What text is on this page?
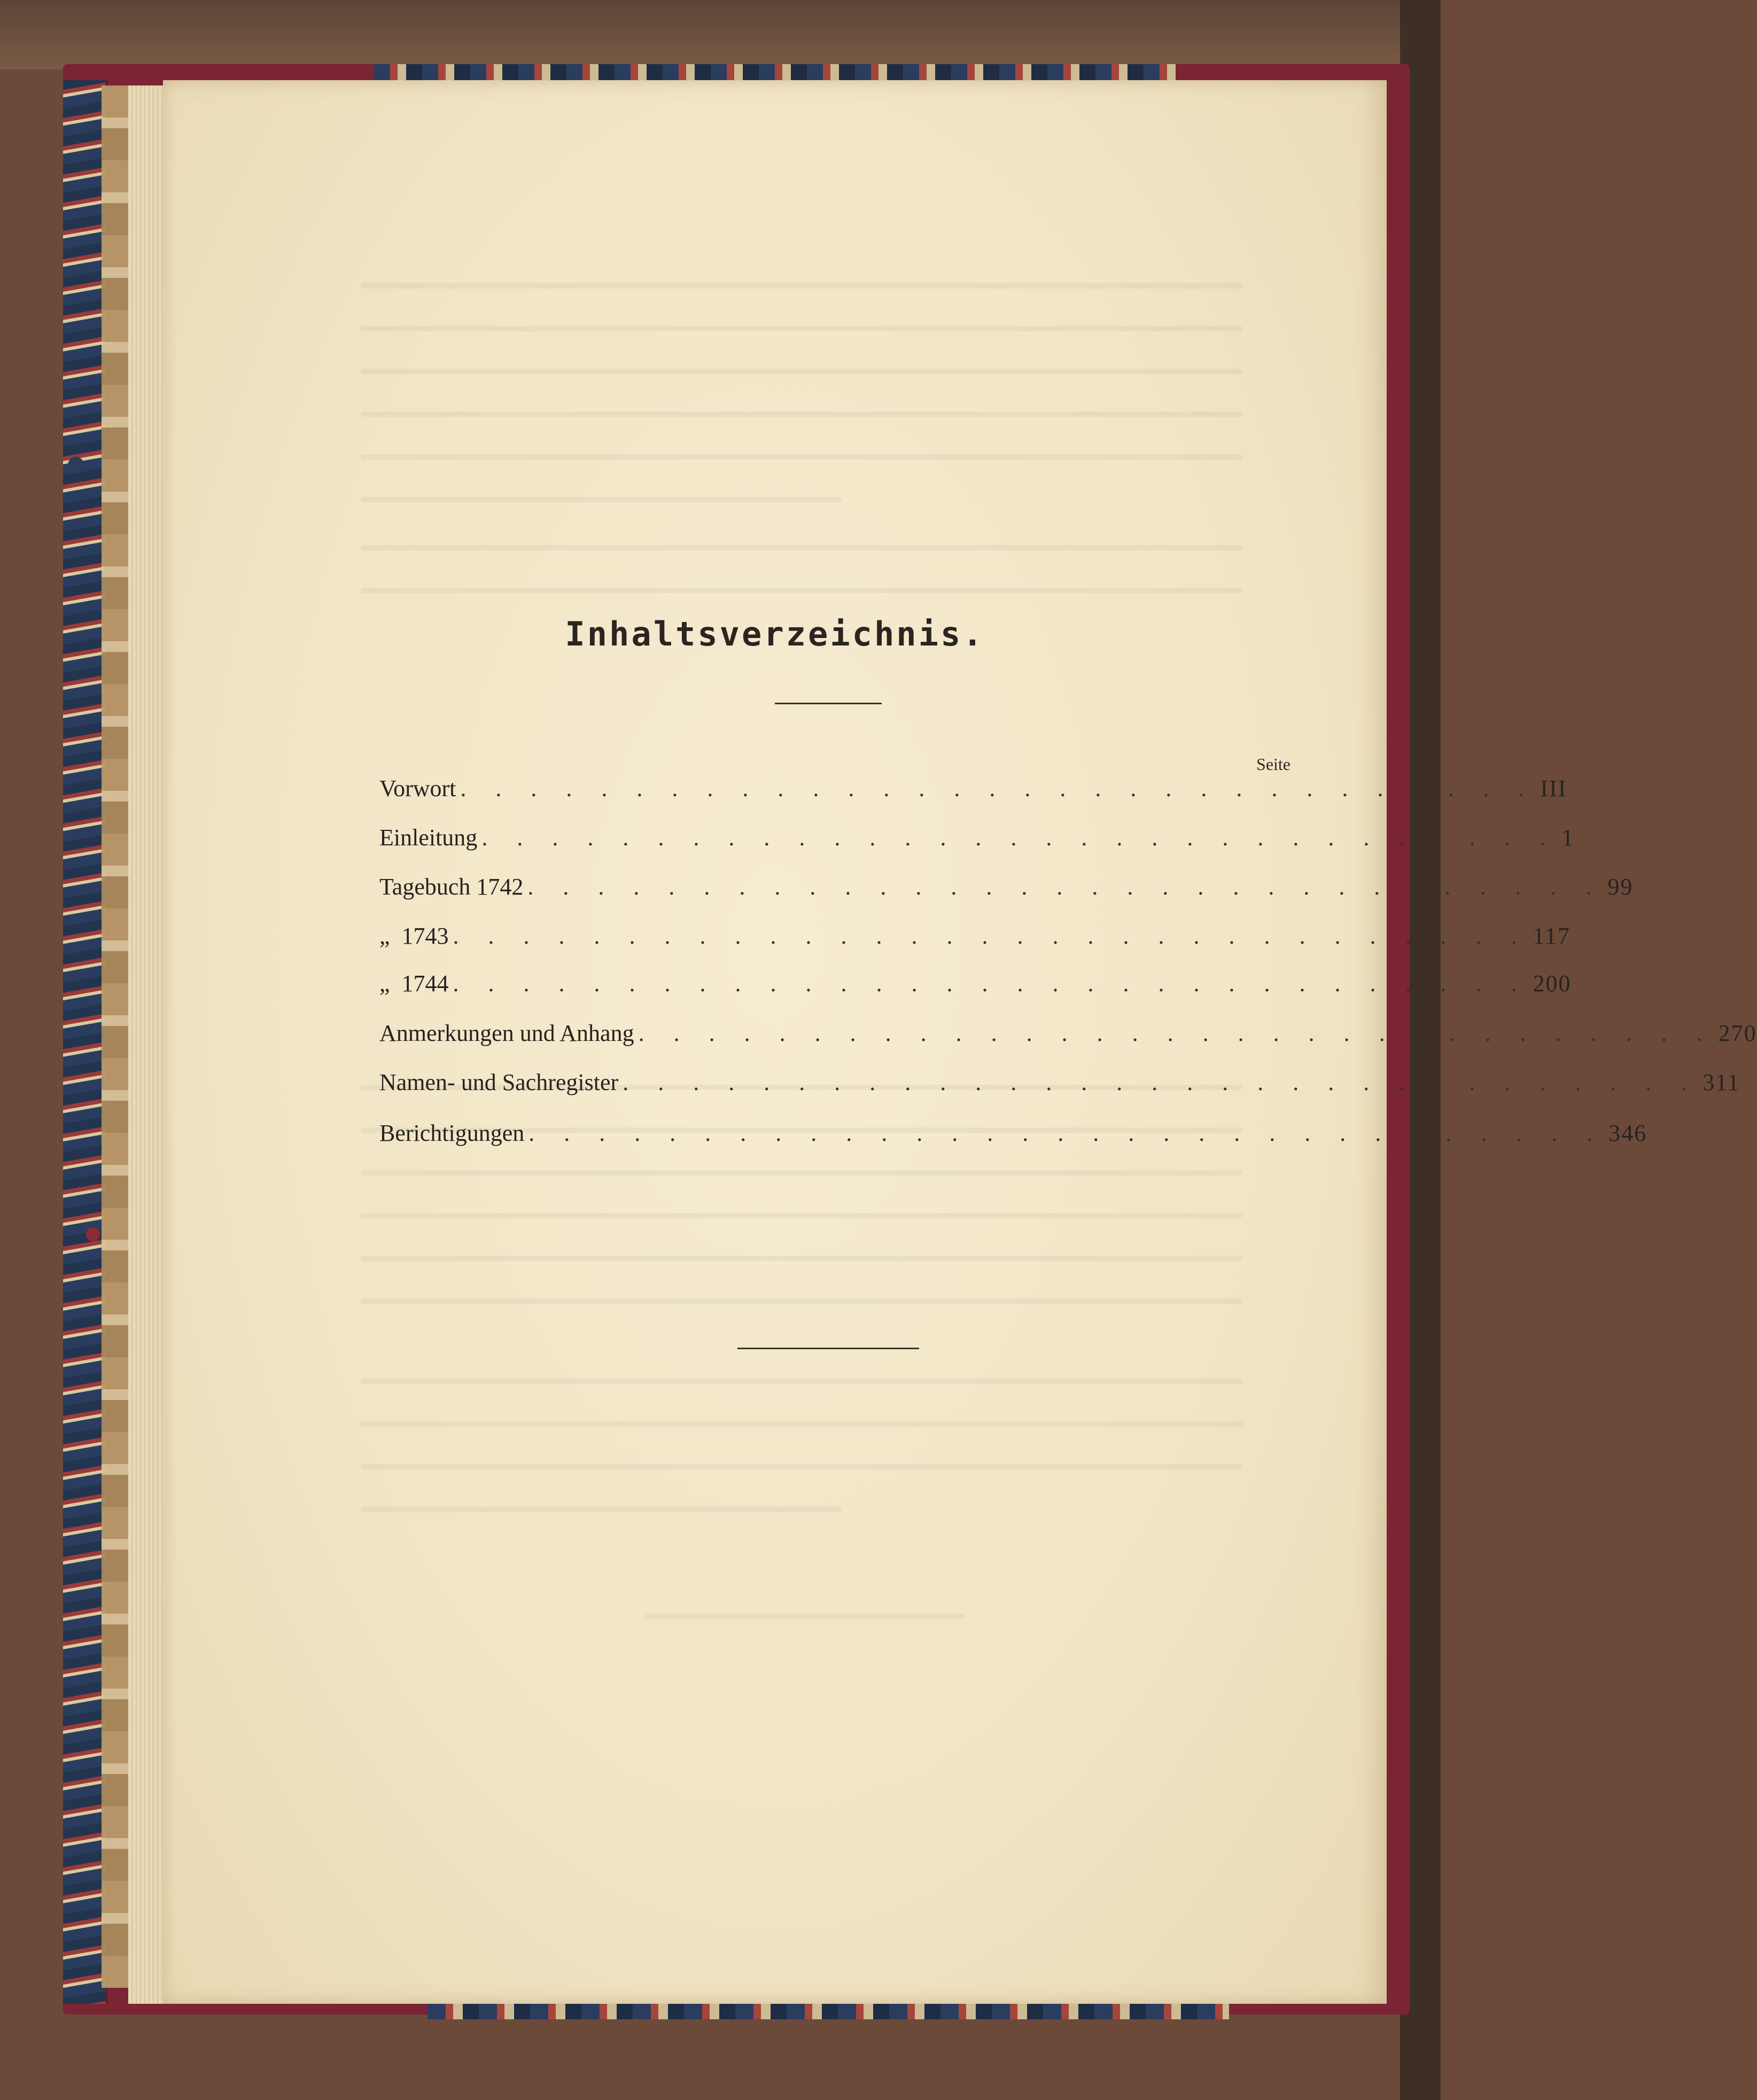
Inhaltsverzeichnis.
Seite
Vorwort . . . . . . . . . . . . . . . . . . . . . . . . . . . . . . . III
Einleitung . . . . . . . . . . . . . . . . . . . . . . . . . . . . . . . 1
Tagebuch 1742 . . . . . . . . . . . . . . . . . . . . . . . . . . . . . . . 99
„  1743 . . . . . . . . . . . . . . . . . . . . . . . . . . . . . . . 117
„  1744 . . . . . . . . . . . . . . . . . . . . . . . . . . . . . . . 200
Anmerkungen und Anhang . . . . . . . . . . . . . . . . . . . . . . . . . . . . . . . 270
Namen- und Sachregister . . . . . . . . . . . . . . . . . . . . . . . . . . . . . . . 311
Berichtigungen . . . . . . . . . . . . . . . . . . . . . . . . . . . . . . . 346
